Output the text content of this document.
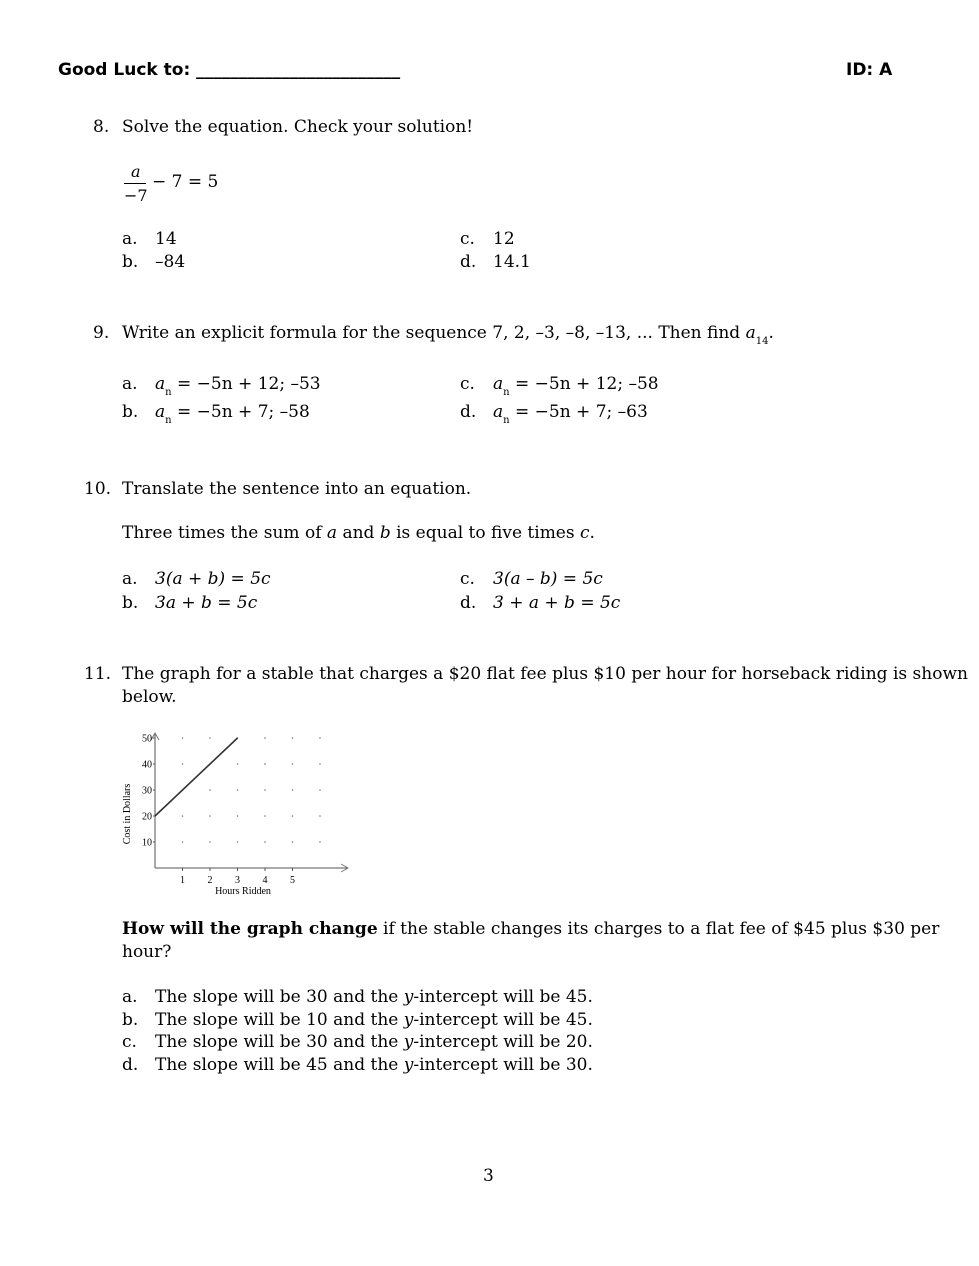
Good Luck to: ________________________	ID: A
8. Solve the equation. Check your solution!
a
−7
− 7 = 5
a. 14
b. –84
c. 12
d. 14.1
9. Write an explicit formula for the sequence 7, 2, –3, –8, –13, ... Then find $a_{14}$.
a. $a_n = -5n + 12$; –53
b. $a_n = -5n + 7$; –58
c. $a_n = -5n + 12$; –58
d. $a_n = -5n + 7$; –63
10. Translate the sentence into an equation.
Three times the sum of a and b is equal to five times c.
a. 3(a + b) = 5c
b. 3a + b = 5c
c. 3(a – b) = 5c
d. 3 + a + b = 5c
11. The graph for a stable that charges a $20 flat fee plus $10 per hour for horseback riding is shown
below.
10
20
30
40
50
1 2 3 4 5
Cost in Dollars
Hours Ridden
How will the graph change if the stable changes its charges to a flat fee of $45 plus $30 per
hour?
a. The slope will be 30 and the y-intercept will be 45.
b. The slope will be 10 and the y-intercept will be 45.
c. The slope will be 30 and the y-intercept will be 20.
d. The slope will be 45 and the y-intercept will be 30.
3
